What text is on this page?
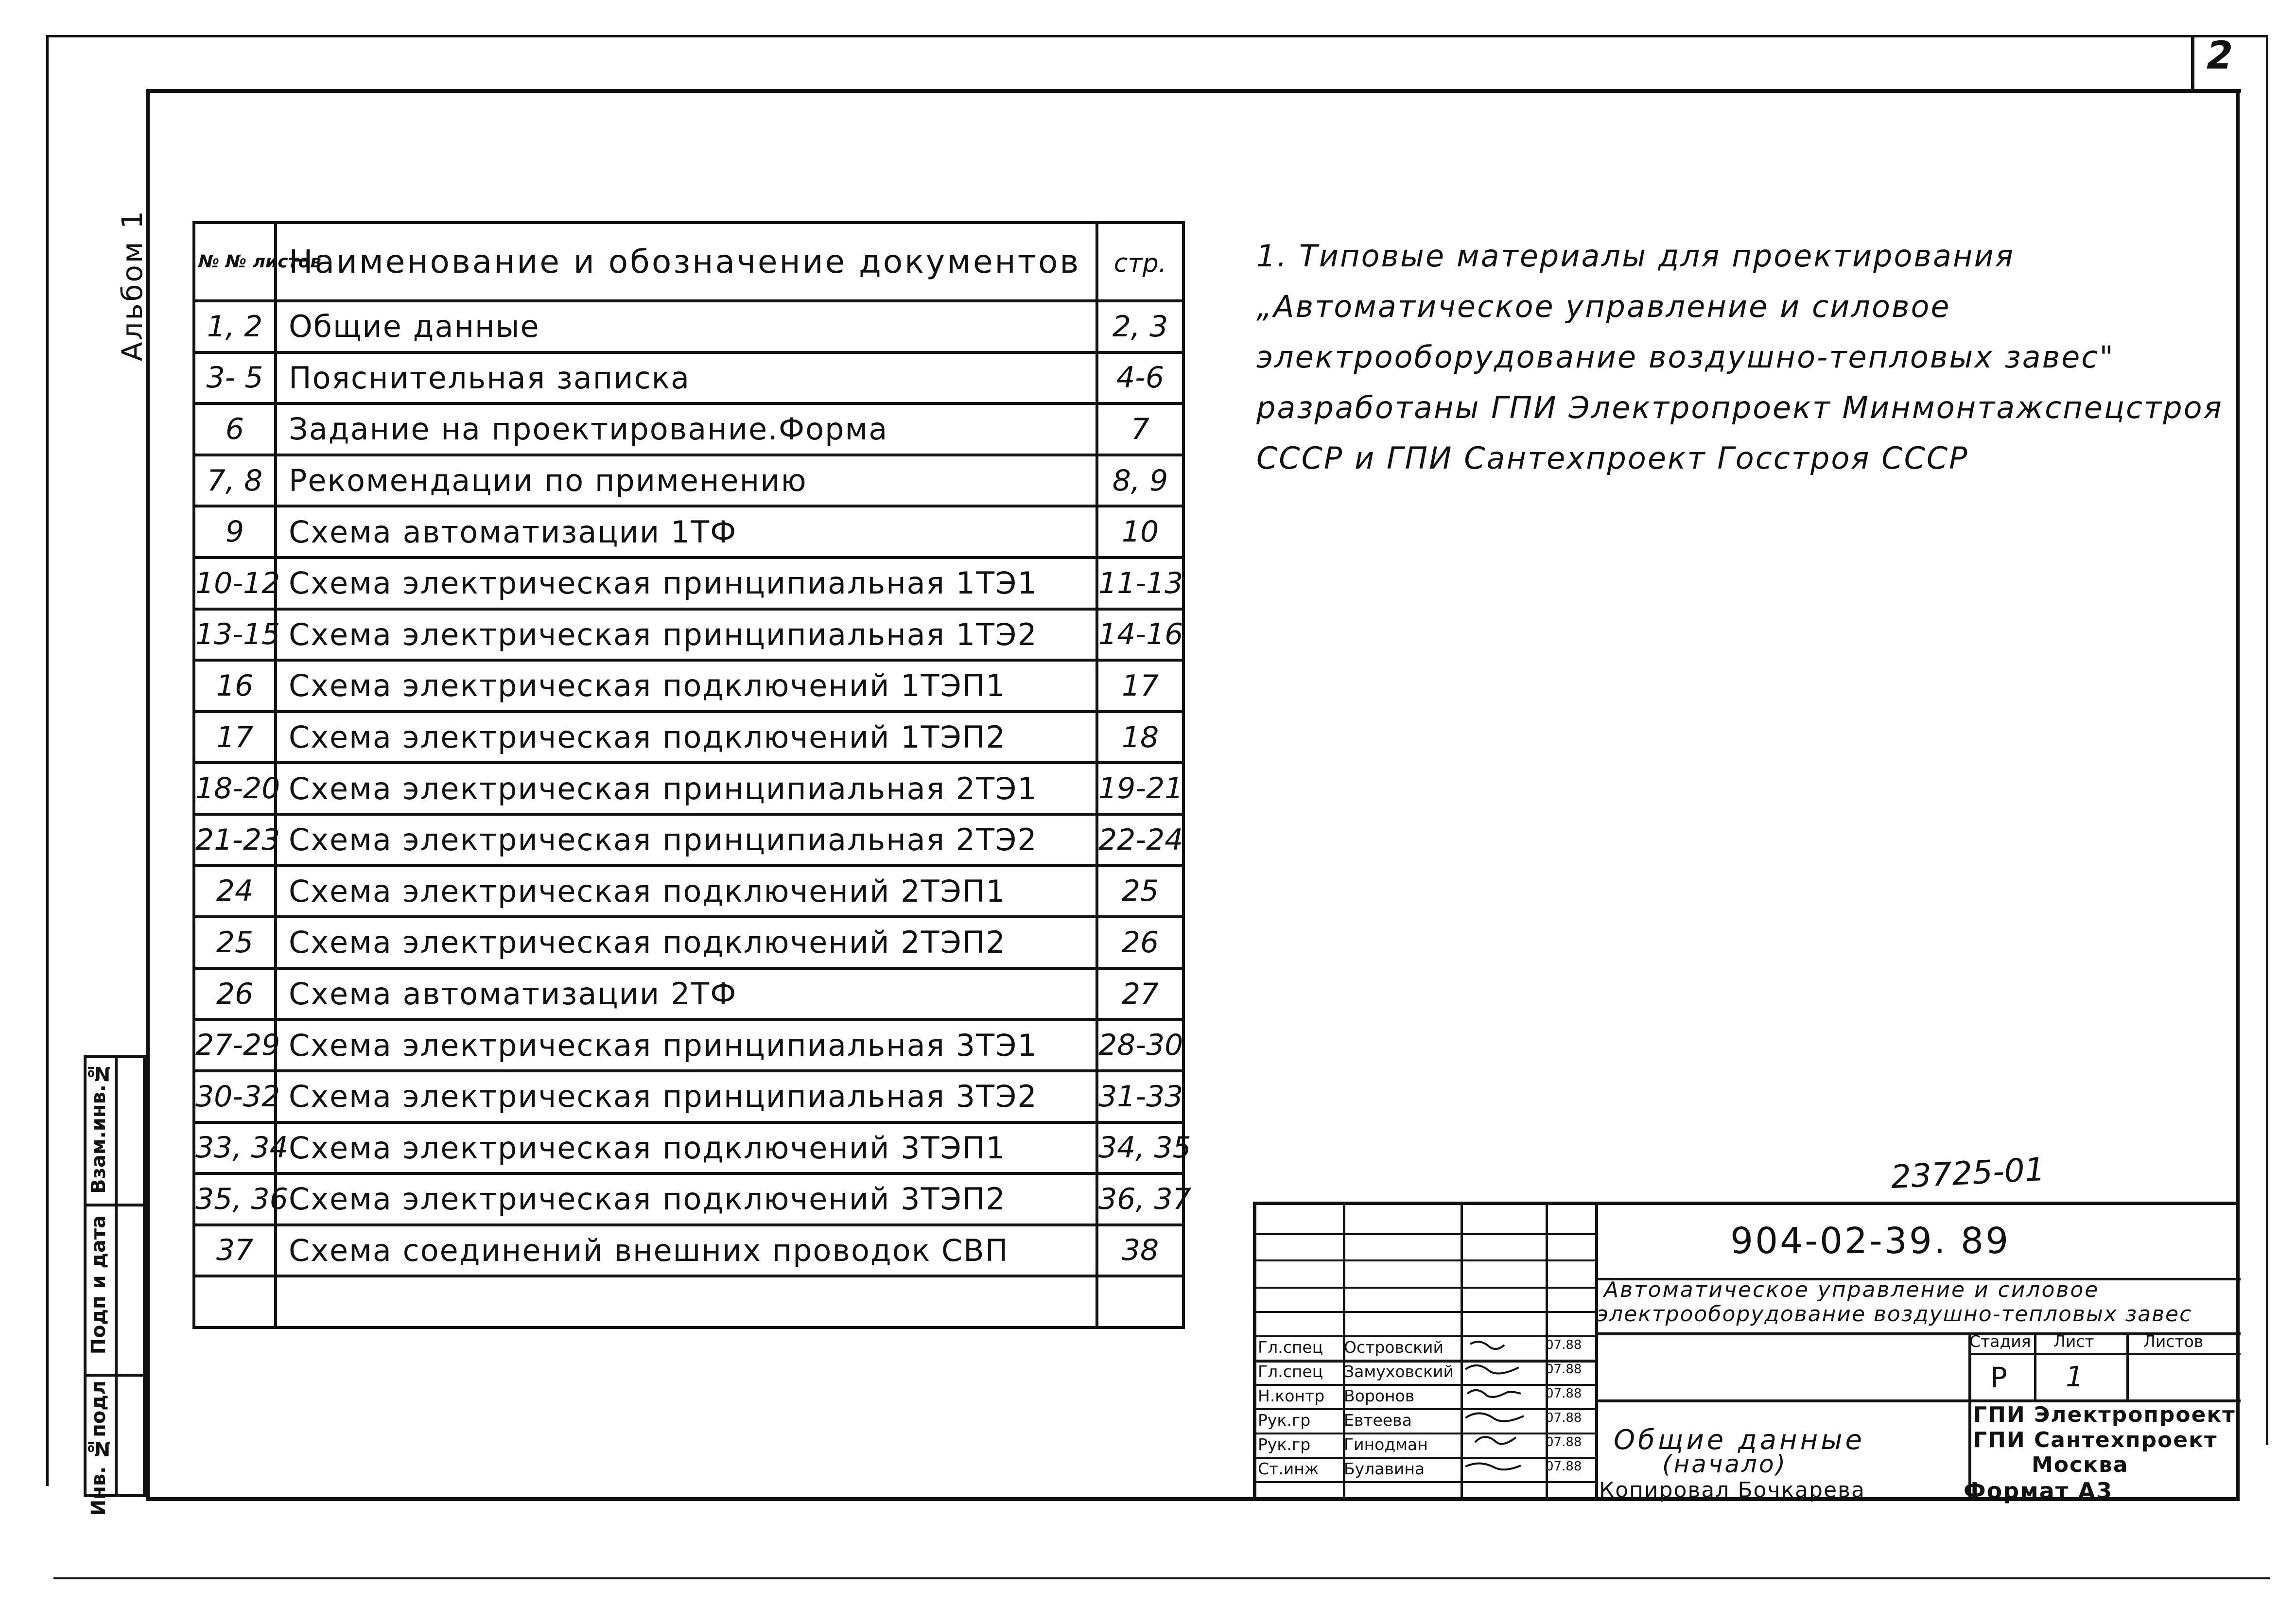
2
Альбом 1
Взам.инв.№
Подп и дата
Инв. №подл
№ № листов	Наименование и обозначение документов	стр.
1, 2	Общие данные	2, 3
3- 5	Пояснительная записка	4-6
6	Задание на проектирование.Форма	7
7, 8	Рекомендации по применению	8, 9
9	Схема автоматизации 1ТФ	10
10-12	Схема электрическая принципиальная 1ТЭ1	11-13
13-15	Схема электрическая принципиальная 1ТЭ2	14-16
16	Схема электрическая подключений 1ТЭП1	17
17	Схема электрическая подключений 1ТЭП2	18
18-20	Схема электрическая принципиальная 2ТЭ1	19-21
21-23	Схема электрическая принципиальная 2ТЭ2	22-24
24	Схема электрическая подключений 2ТЭП1	25
25	Схема электрическая подключений 2ТЭП2	26
26	Схема автоматизации 2ТФ	27
27-29	Схема электрическая принципиальная 3ТЭ1	28-30
30-32	Схема электрическая принципиальная 3ТЭ2	31-33
33, 34	Схема электрическая подключений 3ТЭП1	34, 35
35, 36	Схема электрическая подключений 3ТЭП2	36, 37
37	Схема соединений внешних проводок СВП	38

1. Типовые материалы для проектирования „Автоматическое управление и силовое электрооборудование воздушно-тепловых завес" разработаны ГПИ Электропроект Минмонтажспецстроя СССР и ГПИ Сантехпроект Госстроя СССР
23725-01
904-02-39. 89
Автоматическое управление и силовое
электрооборудование воздушно-тепловых завес
Стадия Лист	Листов
Р 1
Общие данные
(начало)
ГПИ Электропроект
ГПИ Сантехпроект
Москва
Гл.спец Островский	07.88
Гл.спец Замуховский	07.88
Н.контр Воронов	07.88
Рук.гр Евтеева	07.88
Рук.гр Гинодман	07.88
Ст.инж Булавина	07.88
Копировал Бочкарева	Формат А3
